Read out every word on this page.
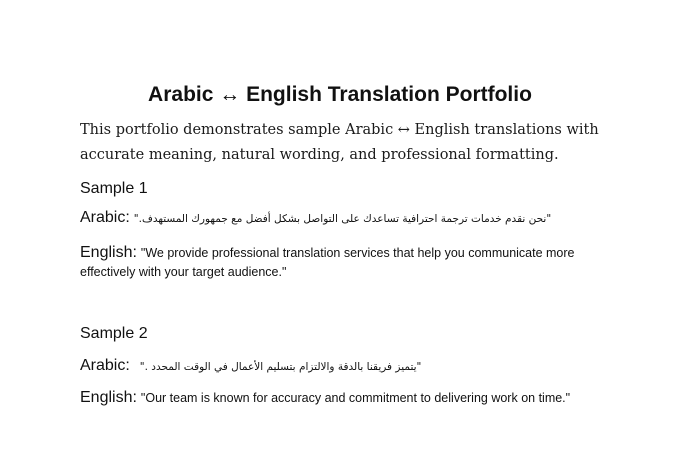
Arabic ↔ English Translation Portfolio

This portfolio demonstrates sample Arabic ↔ English translations with accurate meaning, natural wording, and professional formatting.

Sample 1
Arabic: "نحن نقدم خدمات ترجمة احترافية تساعدك على التواصل بشكل أفضل مع جمهورك المستهدف."
English: "We provide professional translation services that help you communicate more effectively with your target audience."
Sample 2
Arabic: "يتميز فريقنا بالدقة والالتزام بتسليم الأعمال في الوقت المحدد ."
English: "Our team is known for accuracy and commitment to delivering work on time."
